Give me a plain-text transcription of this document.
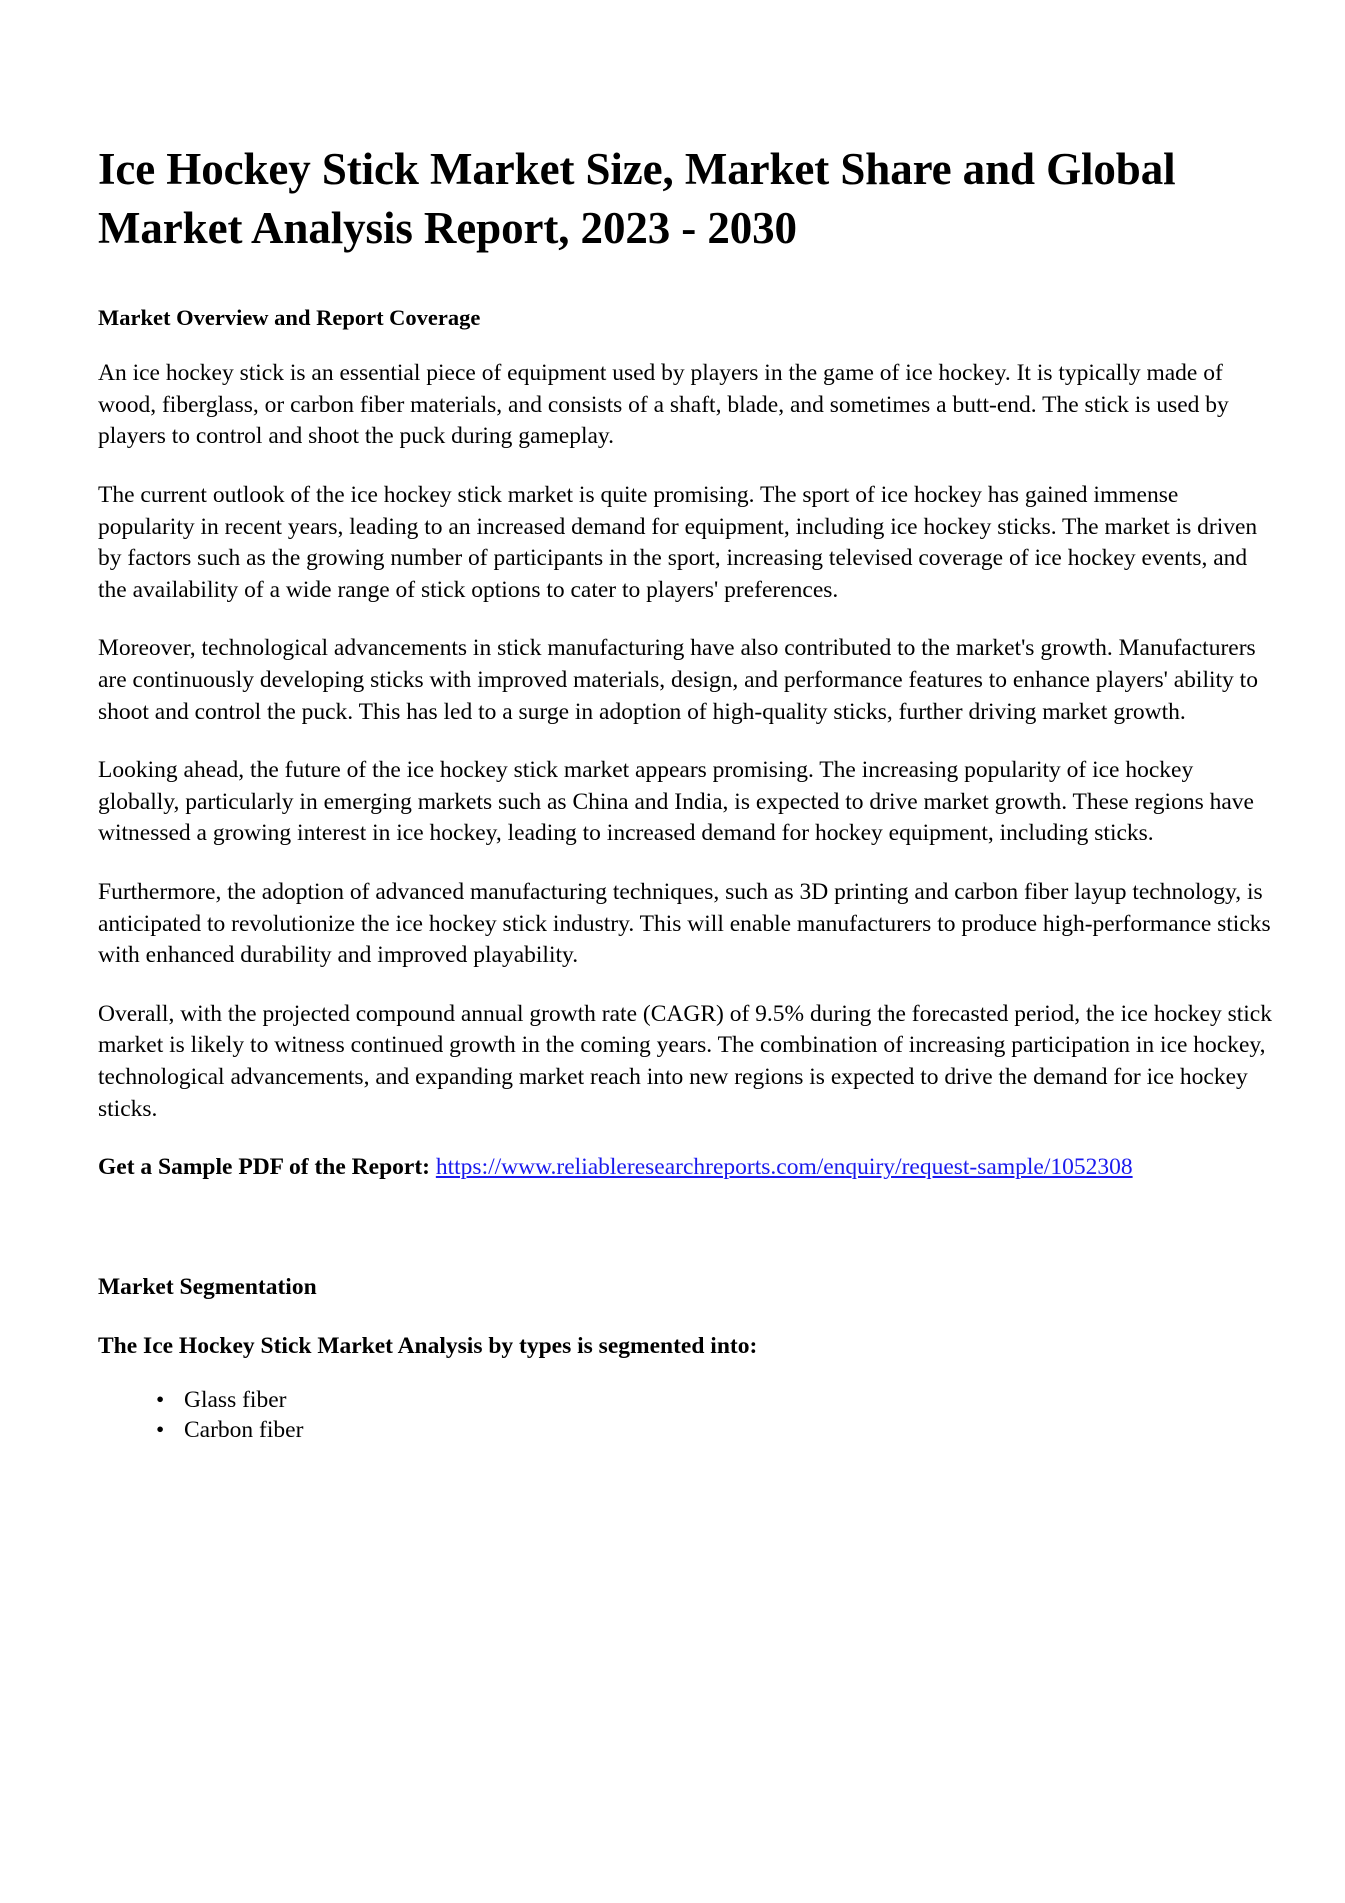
Ice Hockey Stick Market Size, Market Share and Global Market Analysis Report, 2023 - 2030
Market Overview and Report Coverage

An ice hockey stick is an essential piece of equipment used by players in the game of ice hockey. It is typically made of wood, fiberglass, or carbon fiber materials, and consists of a shaft, blade, and sometimes a butt-end. The stick is used by players to control and shoot the puck during gameplay.

The current outlook of the ice hockey stick market is quite promising. The sport of ice hockey has gained immense popularity in recent years, leading to an increased demand for equipment, including ice hockey sticks. The market is driven by factors such as the growing number of participants in the sport, increasing televised coverage of ice hockey events, and the availability of a wide range of stick options to cater to players' preferences.

Moreover, technological advancements in stick manufacturing have also contributed to the market's growth. Manufacturers are continuously developing sticks with improved materials, design, and performance features to enhance players' ability to shoot and control the puck. This has led to a surge in adoption of high-quality sticks, further driving market growth.

Looking ahead, the future of the ice hockey stick market appears promising. The increasing popularity of ice hockey globally, particularly in emerging markets such as China and India, is expected to drive market growth. These regions have witnessed a growing interest in ice hockey, leading to increased demand for hockey equipment, including sticks.

Furthermore, the adoption of advanced manufacturing techniques, such as 3D printing and carbon fiber layup technology, is anticipated to revolutionize the ice hockey stick industry. This will enable manufacturers to produce high-performance sticks with enhanced durability and improved playability.

Overall, with the projected compound annual growth rate (CAGR) of 9.5% during the forecasted period, the ice hockey stick market is likely to witness continued growth in the coming years. The combination of increasing participation in ice hockey, technological advancements, and expanding market reach into new regions is expected to drive the demand for ice hockey sticks.

Get a Sample PDF of the Report: https://www.reliableresearchreports.com/enquiry/request-sample/1052308

Market Segmentation
The Ice Hockey Stick Market Analysis by types is segmented into:
• Glass fiber
• Carbon fiber
